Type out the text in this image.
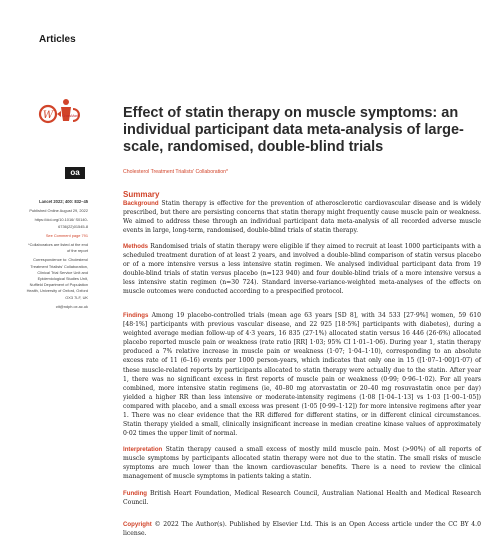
Articles
W	CrossMark	Effect of statin therapy on muscle symptoms: an individual participant data meta-analysis of large-scale, randomised, double-blind trials
oa	Cholesterol Treatment Trialists' Collaboration*
Lancet 2022; 400: 832–45
Published Online August 29, 2022
https://doi.org/10.1016/ S0140-6736(22)01545-8
See Comment page 791
*Collaborators are listed at the end of the report
Correspondence to: Cholesterol Treatment Trialists' Collaboration, Clinical Trial Service Unit and Epidemiological Studies Unit, Nuffield Department of Population Health, University of Oxford, Oxford OX3 7LF, UK
ctt@ndph.ox.ac.uk
Summary

Background Statin therapy is effective for the prevention of atherosclerotic cardiovascular disease and is widely prescribed, but there are persisting concerns that statin therapy might frequently cause muscle pain or weakness. We aimed to address these through an individual participant data meta-analysis of all recorded adverse muscle events in large, long-term, randomised, double-blind trials of statin therapy.

Methods Randomised trials of statin therapy were eligible if they aimed to recruit at least 1000 participants with a scheduled treatment duration of at least 2 years, and involved a double-blind comparison of statin versus placebo or of a more intensive versus a less intensive statin regimen. We analysed individual participant data from 19 double-blind trials of statin versus placebo (n=123 940) and four double-blind trials of a more intensive versus a less intensive statin regimen (n=30 724). Standard inverse-variance-weighted meta-analyses of the effects on muscle outcomes were conducted according to a prespecified protocol.

Findings Among 19 placebo-controlled trials (mean age 63 years [SD 8], with 34 533 [27·9%] women, 59 610 [48·1%] participants with previous vascular disease, and 22 925 [18·5%] participants with diabetes), during a weighted average median follow-up of 4·3 years, 16 835 (27·1%) allocated statin versus 16 446 (26·6%) allocated placebo reported muscle pain or weakness (rate ratio [RR] 1·03; 95% CI 1·01–1·06). During year 1, statin therapy produced a 7% relative increase in muscle pain or weakness (1·07; 1·04–1·10), corresponding to an absolute excess rate of 11 (6–16) events per 1000 person-years, which indicates that only one in 15 ([1·07–1·00]/1·07) of these muscle-related reports by participants allocated to statin therapy were actually due to the statin. After year 1, there was no significant excess in first reports of muscle pain or weakness (0·99; 0·96–1·02). For all years combined, more intensive statin regimens (ie, 40–80 mg atorvastatin or 20–40 mg rosuvastatin once per day) yielded a higher RR than less intensive or moderate-intensity regimens (1·08 [1·04–1·13] vs 1·03 [1·00–1·05]) compared with placebo, and a small excess was present (1·05 [0·99–1·12]) for more intensive regimens after year 1. There was no clear evidence that the RR differed for different statins, or in different clinical circumstances. Statin therapy yielded a small, clinically insignificant increase in median creatine kinase values of approximately 0·02 times the upper limit of normal.

Interpretation Statin therapy caused a small excess of mostly mild muscle pain. Most (>90%) of all reports of muscle symptoms by participants allocated statin therapy were not due to the statin. The small risks of muscle symptoms are much lower than the known cardiovascular benefits. There is a need to review the clinical management of muscle symptoms in patients taking a statin.

Funding British Heart Foundation, Medical Research Council, Australian National Health and Medical Research Council.

Copyright © 2022 The Author(s). Published by Elsevier Ltd. This is an Open Access article under the CC BY 4.0 license.
